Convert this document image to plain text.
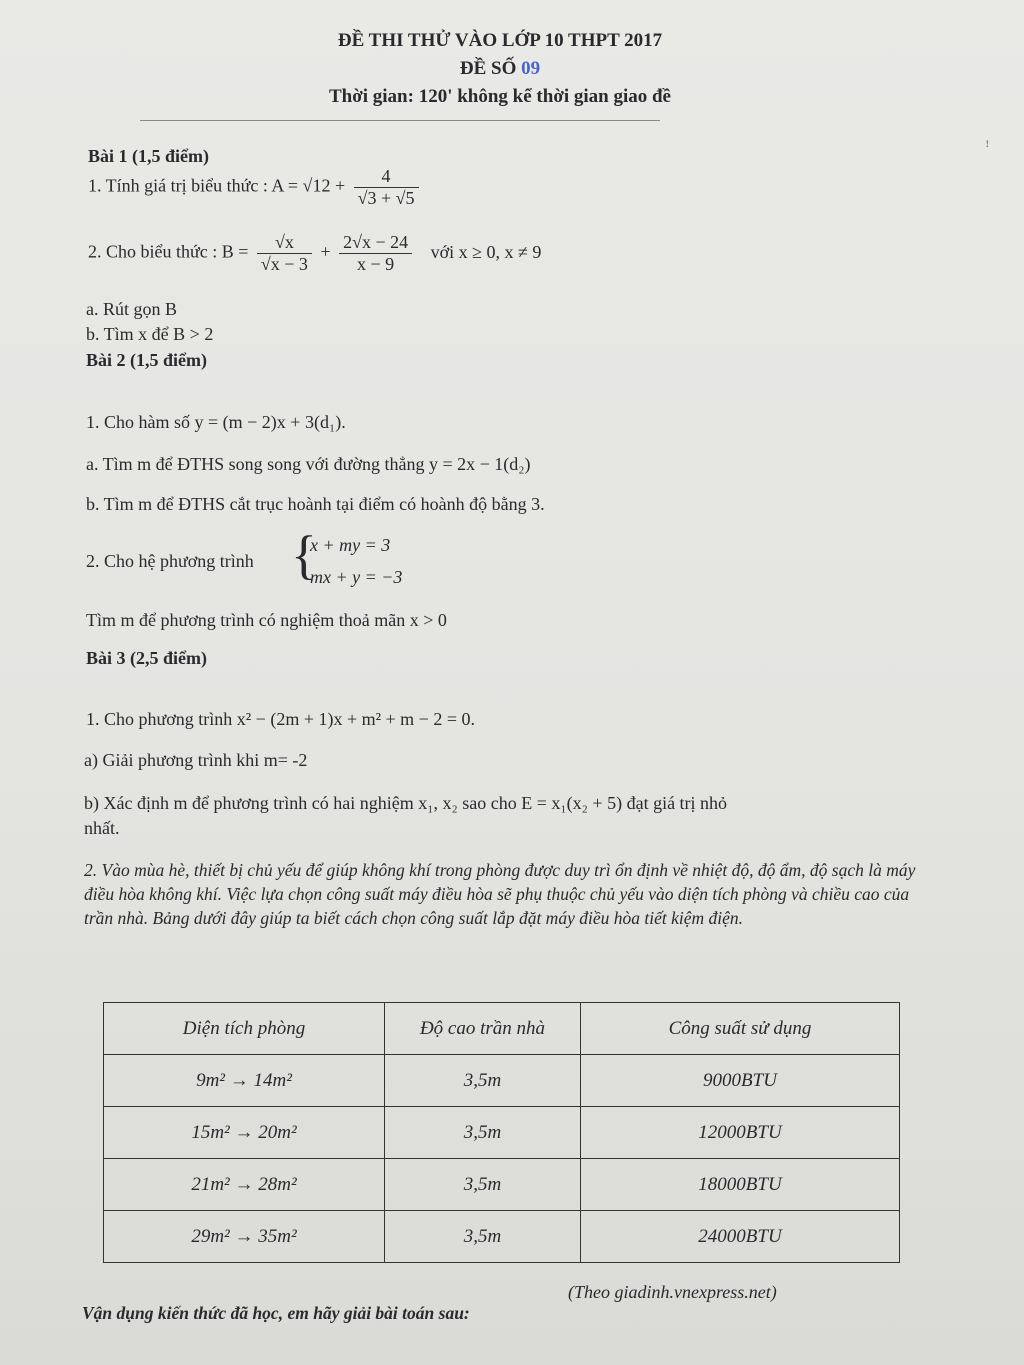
ĐỀ THI THỬ VÀO LỚP 10 THPT 2017
ĐỀ SỐ 09
Thời gian: 120' không kể thời gian giao đề
ꜝ
Bài 1 (1,5 điểm)
1. Tính giá trị biểu thức : $A = √12 + \frac{4}{√3 + √5}$
2. Cho biểu thức : $B = \frac{√x}{√x - 3} + \frac{2√x - 24}{x - 9}$ với x ≥ 0, x ≠ 9
a. Rút gọn B
b. Tìm x để B > 2
Bài 2 (1,5 điểm)
1. Cho hàm số y = (m − 2)x + 3(d₁).
a. Tìm m để ĐTHS song song với đường thẳng y = 2x − 1(d₂)
b. Tìm m để ĐTHS cắt trục hoành tại điểm có hoành độ bằng 3.
2. Cho hệ phương trình {
x + my = 3
mx + y = −3
Tìm m để phương trình có nghiệm thoả mãn x > 0
Bài 3 (2,5 điểm)
1. Cho phương trình x² − (2m + 1)x + m² + m − 2 = 0.
a) Giải phương trình khi m= -2
b) Xác định m để phương trình có hai nghiệm x₁, x₂ sao cho E = x₁(x₂ + 5) đạt giá trị nhỏ
nhất.
2. Vào mùa hè, thiết bị chủ yếu để giúp không khí trong phòng được duy trì ổn định về nhiệt độ, độ ẩm, độ sạch là máy điều hòa không khí. Việc lựa chọn công suất máy điều hòa sẽ phụ thuộc chủ yếu vào diện tích phòng và chiều cao của trần nhà. Bảng dưới đây giúp ta biết cách chọn công suất lắp đặt máy điều hòa tiết kiệm điện.
Diện tích phòng	Độ cao trần nhà	Công suất sử dụng
9m² → 14m²	3,5m	9000BTU
15m² → 20m²	3,5m	12000BTU
21m² → 28m²	3,5m	18000BTU
29m² → 35m²	3,5m	24000BTU
(Theo giadinh.vnexpress.net)
Vận dụng kiến thức đã học, em hãy giải bài toán sau:
